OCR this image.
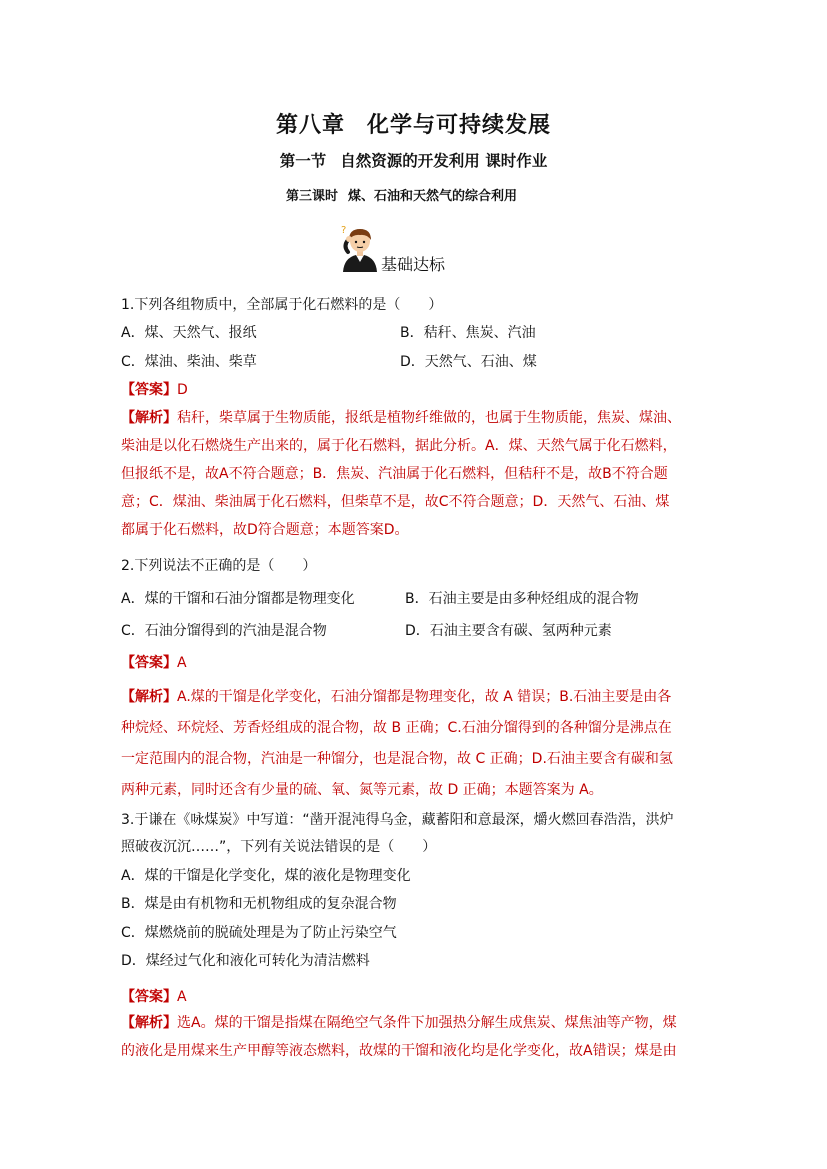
第八章 化学与可持续发展
第一节 自然资源的开发利用 课时作业
第三课时 煤、石油和天然气的综合利用
?
基础达标
1.下列各组物质中，全部属于化石燃料的是（　　）
A．煤、天然气、报纸	B．秸秆、焦炭、汽油
C．煤油、柴油、柴草	D．天然气、石油、煤
【答案】D
【解析】秸秆，柴草属于生物质能，报纸是植物纤维做的，也属于生物质能，焦炭、煤油、
柴油是以化石燃烧生产出来的，属于化石燃料，据此分析。A．煤、天然气属于化石燃料，
但报纸不是，故A不符合题意；B．焦炭、汽油属于化石燃料，但秸秆不是，故B不符合题
意；C．煤油、柴油属于化石燃料，但柴草不是，故C不符合题意；D．天然气、石油、煤
都属于化石燃料，故D符合题意；本题答案D。
2.下列说法不正确的是（　　）
A．煤的干馏和石油分馏都是物理变化	B．石油主要是由多种烃组成的混合物
C．石油分馏得到的汽油是混合物	D．石油主要含有碳、氢两种元素
【答案】A
【解析】A.煤的干馏是化学变化，石油分馏都是物理变化，故 A 错误；B.石油主要是由各
种烷烃、环烷烃、芳香烃组成的混合物，故 B 正确；C.石油分馏得到的各种馏分是沸点在
一定范围内的混合物，汽油是一种馏分，也是混合物，故 C 正确；D.石油主要含有碳和氢
两种元素，同时还含有少量的硫、氧、氮等元素，故 D 正确；本题答案为 A。
3.于谦在《咏煤炭》中写道：“凿开混沌得乌金，藏蓄阳和意最深，爝火燃回春浩浩，洪炉
照破夜沉沉……”，下列有关说法错误的是（　　）
A．煤的干馏是化学变化，煤的液化是物理变化
B．煤是由有机物和无机物组成的复杂混合物
C．煤燃烧前的脱硫处理是为了防止污染空气
D．煤经过气化和液化可转化为清洁燃料
【答案】A
【解析】选A。煤的干馏是指煤在隔绝空气条件下加强热分解生成焦炭、煤焦油等产物，煤
的液化是用煤来生产甲醇等液态燃料，故煤的干馏和液化均是化学变化，故A错误；煤是由
